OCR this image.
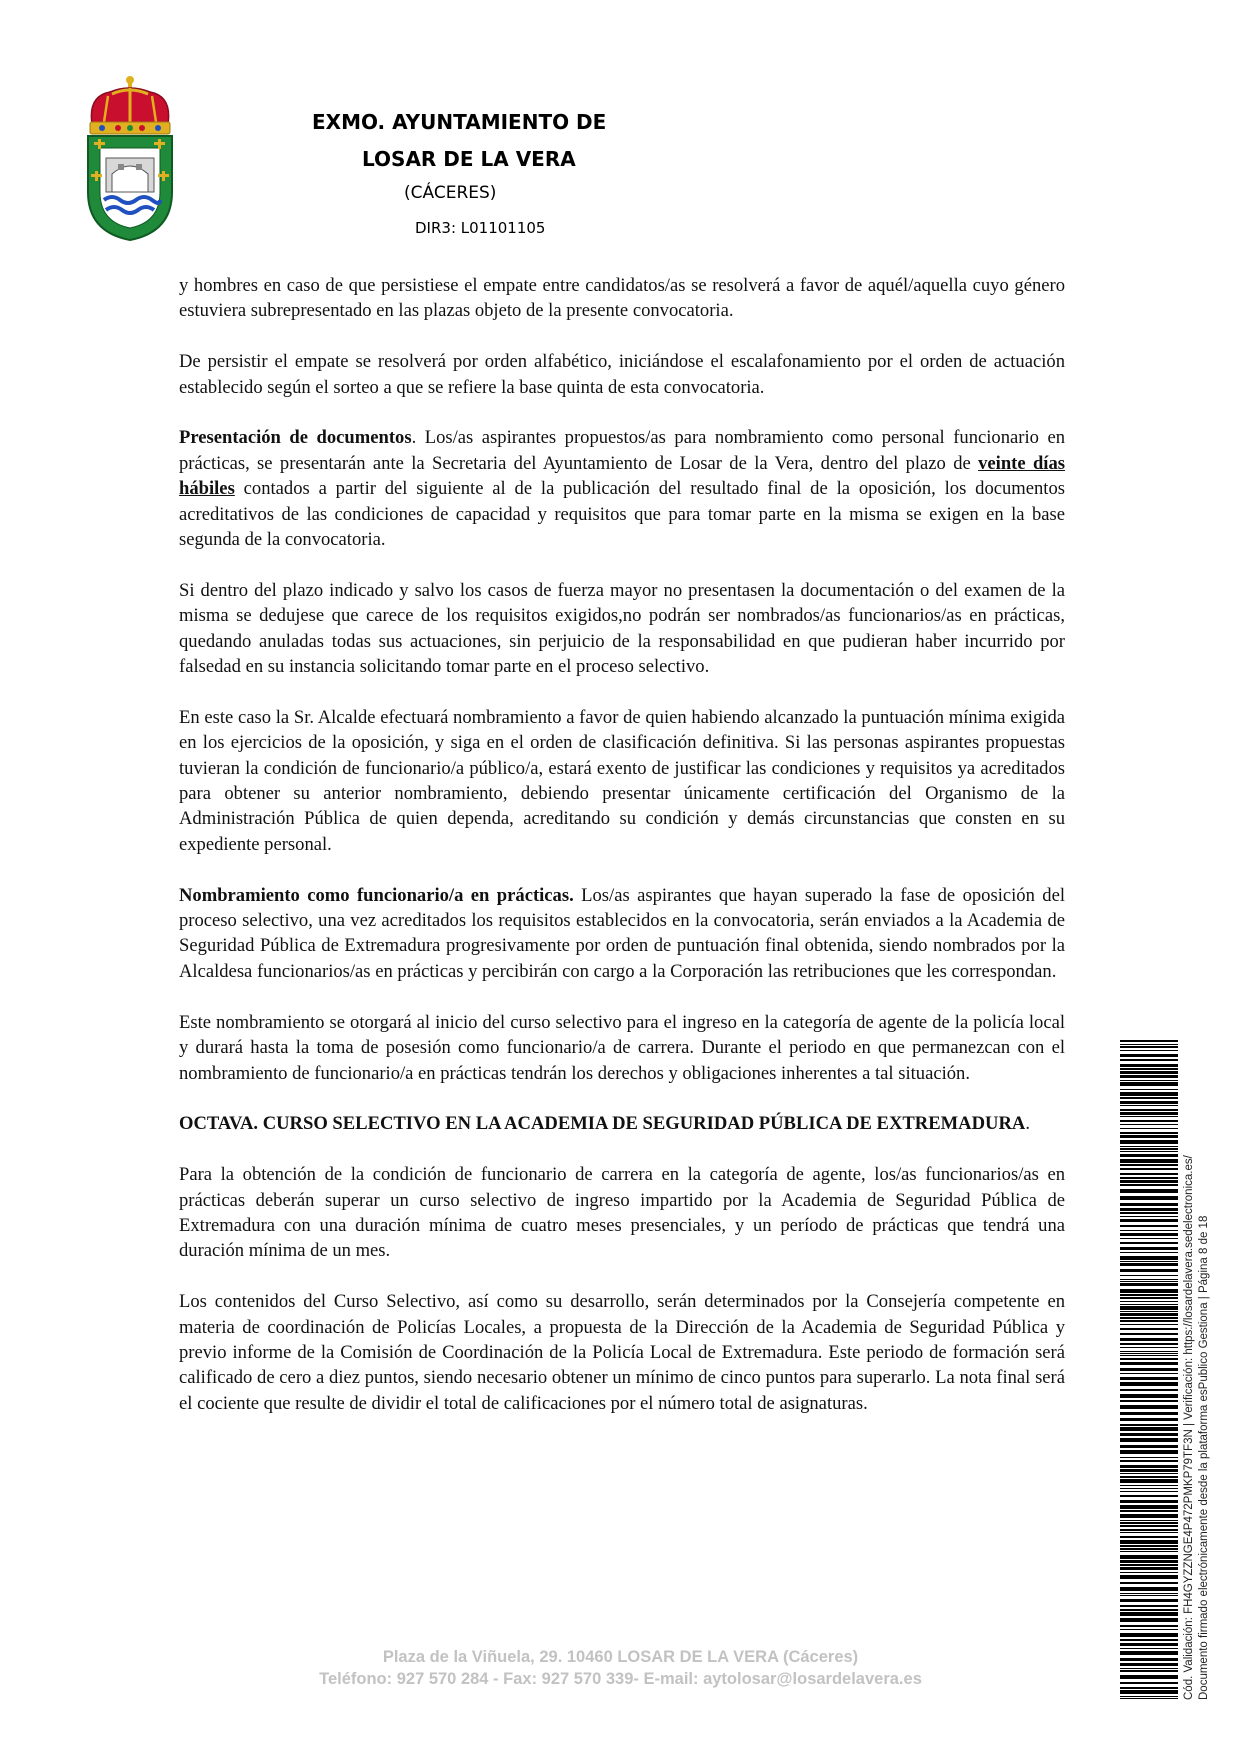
EXMO. AYUNTAMIENTO DE
LOSAR DE LA VERA
(CÁCERES)
DIR3: L01101105

y hombres en caso de que persistiese el empate entre candidatos/as se resolverá a favor de aquél/aquella cuyo género estuviera subrepresentado en las plazas objeto de la presente convocatoria.

De persistir el empate se resolverá por orden alfabético, iniciándose el escalafonamiento por el orden de actuación establecido según el sorteo a que se refiere la base quinta de esta convocatoria.

Presentación de documentos. Los/as aspirantes propuestos/as para nombramiento como personal funcionario en prácticas, se presentarán ante la Secretaria del Ayuntamiento de Losar de la Vera, dentro del plazo de veinte días hábiles contados a partir del siguiente al de la publicación del resultado final de la oposición, los documentos acreditativos de las condiciones de capacidad y requisitos que para tomar parte en la misma se exigen en la base segunda de la convocatoria.

Si dentro del plazo indicado y salvo los casos de fuerza mayor no presentasen la documentación o del examen de la misma se dedujese que carece de los requisitos exigidos,no podrán ser nombrados/as funcionarios/as en prácticas, quedando anuladas todas sus actuaciones, sin perjuicio de la responsabilidad en que pudieran haber incurrido por falsedad en su instancia solicitando tomar parte en el proceso selectivo.

En este caso la Sr. Alcalde efectuará nombramiento a favor de quien habiendo alcanzado la puntuación mínima exigida en los ejercicios de la oposición, y siga en el orden de clasificación definitiva. Si las personas aspirantes propuestas tuvieran la condición de funcionario/a público/a, estará exento de justificar las condiciones y requisitos ya acreditados para obtener su anterior nombramiento, debiendo presentar únicamente certificación del Organismo de la Administración Pública de quien dependa, acreditando su condición y demás circunstancias que consten en su expediente personal.

Nombramiento como funcionario/a en prácticas. Los/as aspirantes que hayan superado la fase de oposición del proceso selectivo, una vez acreditados los requisitos establecidos en la convocatoria, serán enviados a la Academia de Seguridad Pública de Extremadura progresivamente por orden de puntuación final obtenida, siendo nombrados por la Alcaldesa funcionarios/as en prácticas y percibirán con cargo a la Corporación las retribuciones que les correspondan.

Este nombramiento se otorgará al inicio del curso selectivo para el ingreso en la categoría de agente de la policía local y durará hasta la toma de posesión como funcionario/a de carrera. Durante el periodo en que permanezcan con el nombramiento de funcionario/a en prácticas tendrán los derechos y obligaciones inherentes a tal situación.

OCTAVA. CURSO SELECTIVO EN LA ACADEMIA DE SEGURIDAD PÚBLICA DE EXTREMADURA.

Para la obtención de la condición de funcionario de carrera en la categoría de agente, los/as funcionarios/as en prácticas deberán superar un curso selectivo de ingreso impartido por la Academia de Seguridad Pública de Extremadura con una duración mínima de cuatro meses presenciales, y un período de prácticas que tendrá una duración mínima de un mes.

Los contenidos del Curso Selectivo, así como su desarrollo, serán determinados por la Consejería competente en materia de coordinación de Policías Locales, a propuesta de la Dirección de la Academia de Seguridad Pública y previo informe de la Comisión de Coordinación de la Policía Local de Extremadura. Este periodo de formación será calificado de cero a diez puntos, siendo necesario obtener un mínimo de cinco puntos para superarlo. La nota final será el cociente que resulte de dividir el total de calificaciones por el número total de asignaturas.

Plaza de la Viñuela, 29. 10460 LOSAR DE LA VERA (Cáceres)
Teléfono: 927 570 284 - Fax: 927 570 339- E-mail: aytolosar@losardelavera.es	Cód. Validación: FH4GYZZNGE4P472PMKP79TF3N | Verificación: https://losardelavera.sedelectronica.es/ Documento firmado electrónicamente desde la plataforma esPublico Gestiona | Página 8 de 18
